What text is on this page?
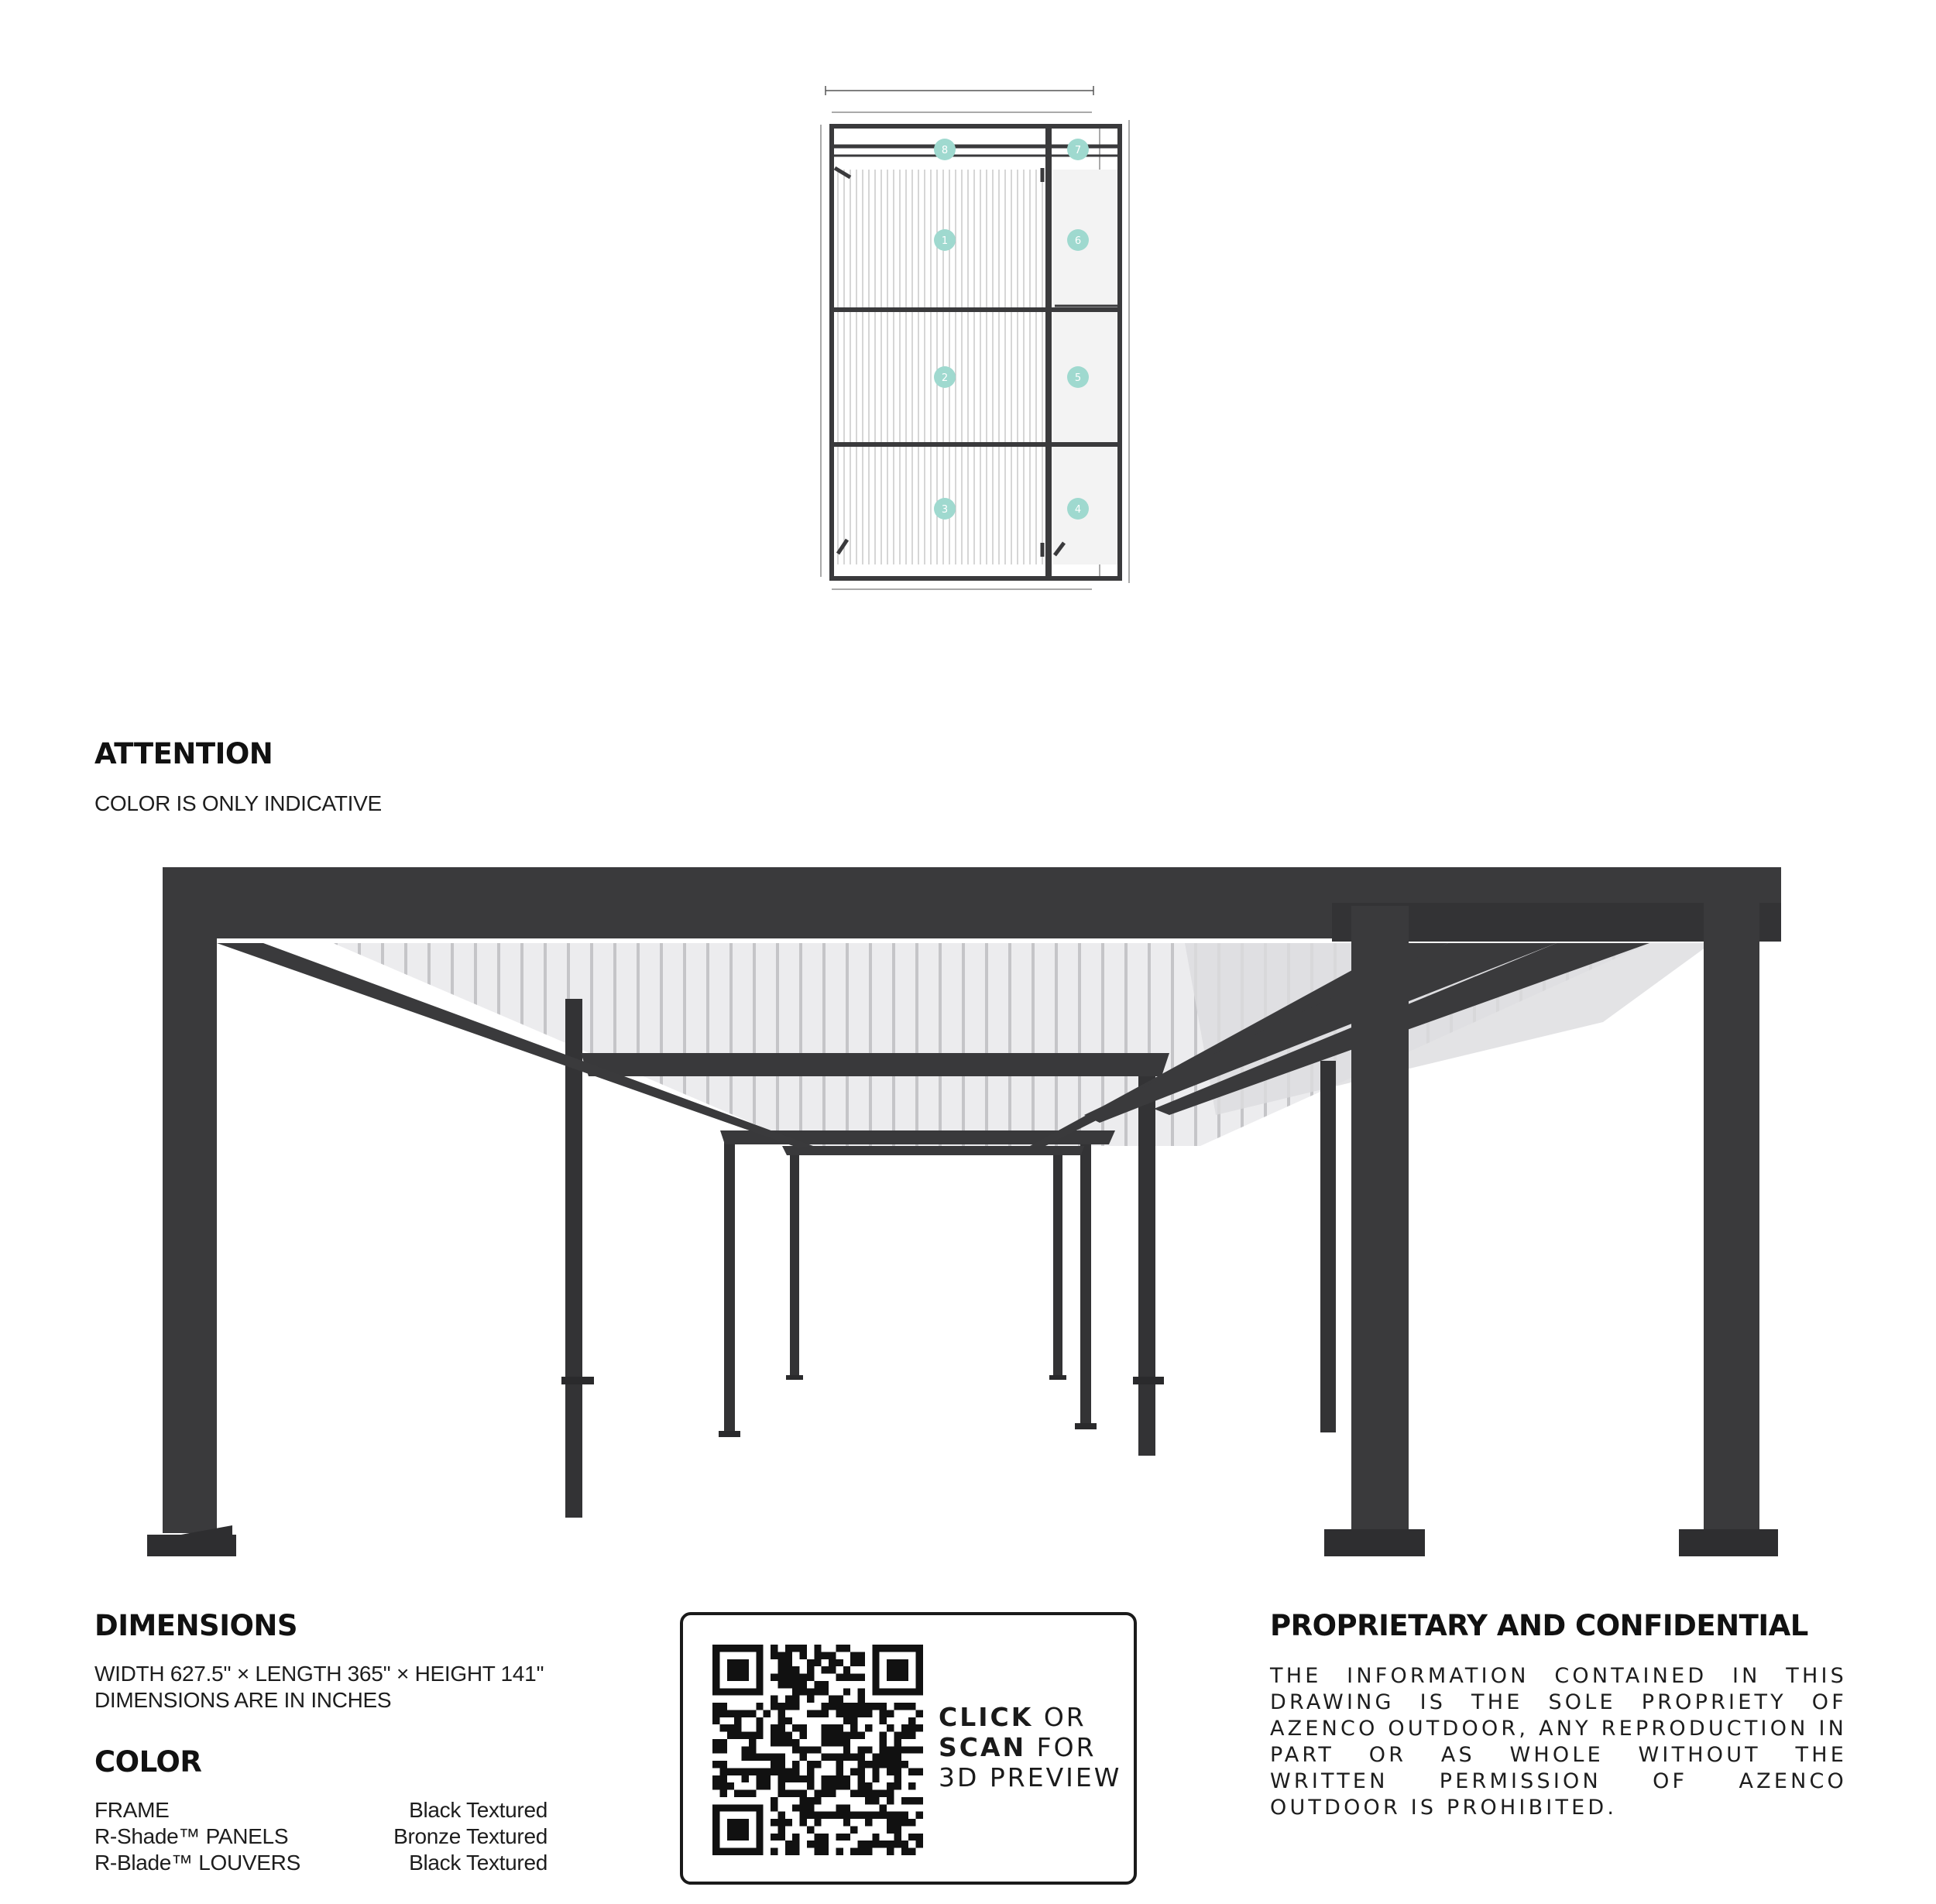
1
2
3	4
5
6
7
8
ATTENTION
COLOR IS ONLY INDICATIVE
DIMENSIONS
WIDTH 627.5'' × LENGTH 365'' × HEIGHT 141''
DIMENSIONS ARE IN INCHES
COLOR
FRAME	Black Textured
R-Shade™ PANELS	Bronze Textured
R-Blade™ LOUVERS	Black Textured
CLICK OR
SCAN FOR
3D PREVIEW
PROPRIETARY AND CONFIDENTIAL
THE INFORMATION CONTAINED IN THIS DRAWING IS THE SOLE PROPRIETY OF AZENCO OUTDOOR, ANY REPRODUCTION IN PART OR AS WHOLE WITHOUT THE WRITTEN PERMISSION OF AZENCO OUTDOOR IS PROHIBITED.
